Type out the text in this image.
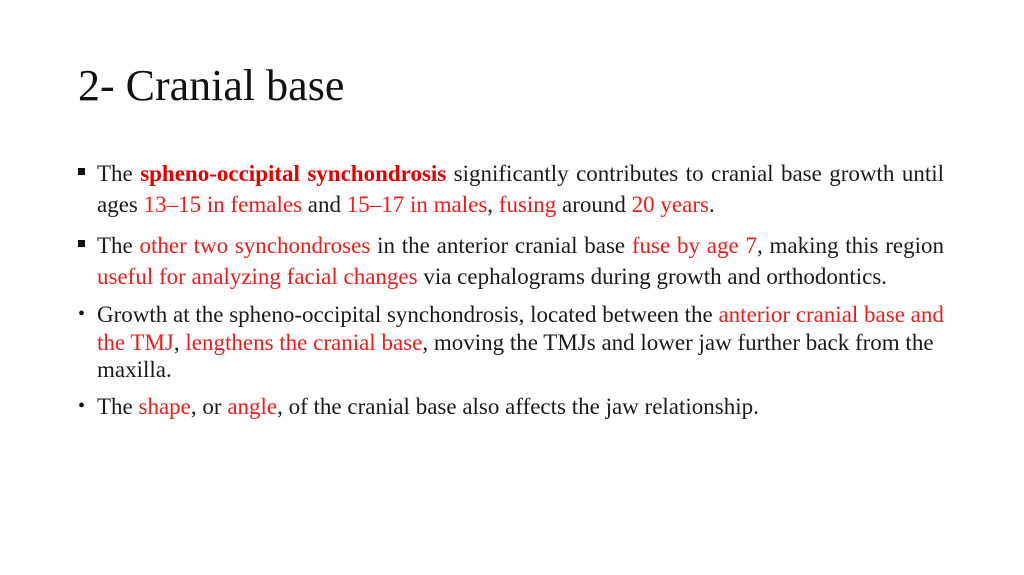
2- Cranial base
The spheno-occipital synchondrosis significantly contributes to cranial base growth until ages 13–15 in females and 15–17 in males, fusing around 20 years.
The other two synchondroses in the anterior cranial base fuse by age 7, making this region useful for analyzing facial changes via cephalograms during growth and orthodontics.
• Growth at the spheno-occipital synchondrosis, located between the anterior cranial base and the TMJ, lengthens the cranial base, moving the TMJs and lower jaw further back from the maxilla.
• The shape, or angle, of the cranial base also affects the jaw relationship.
